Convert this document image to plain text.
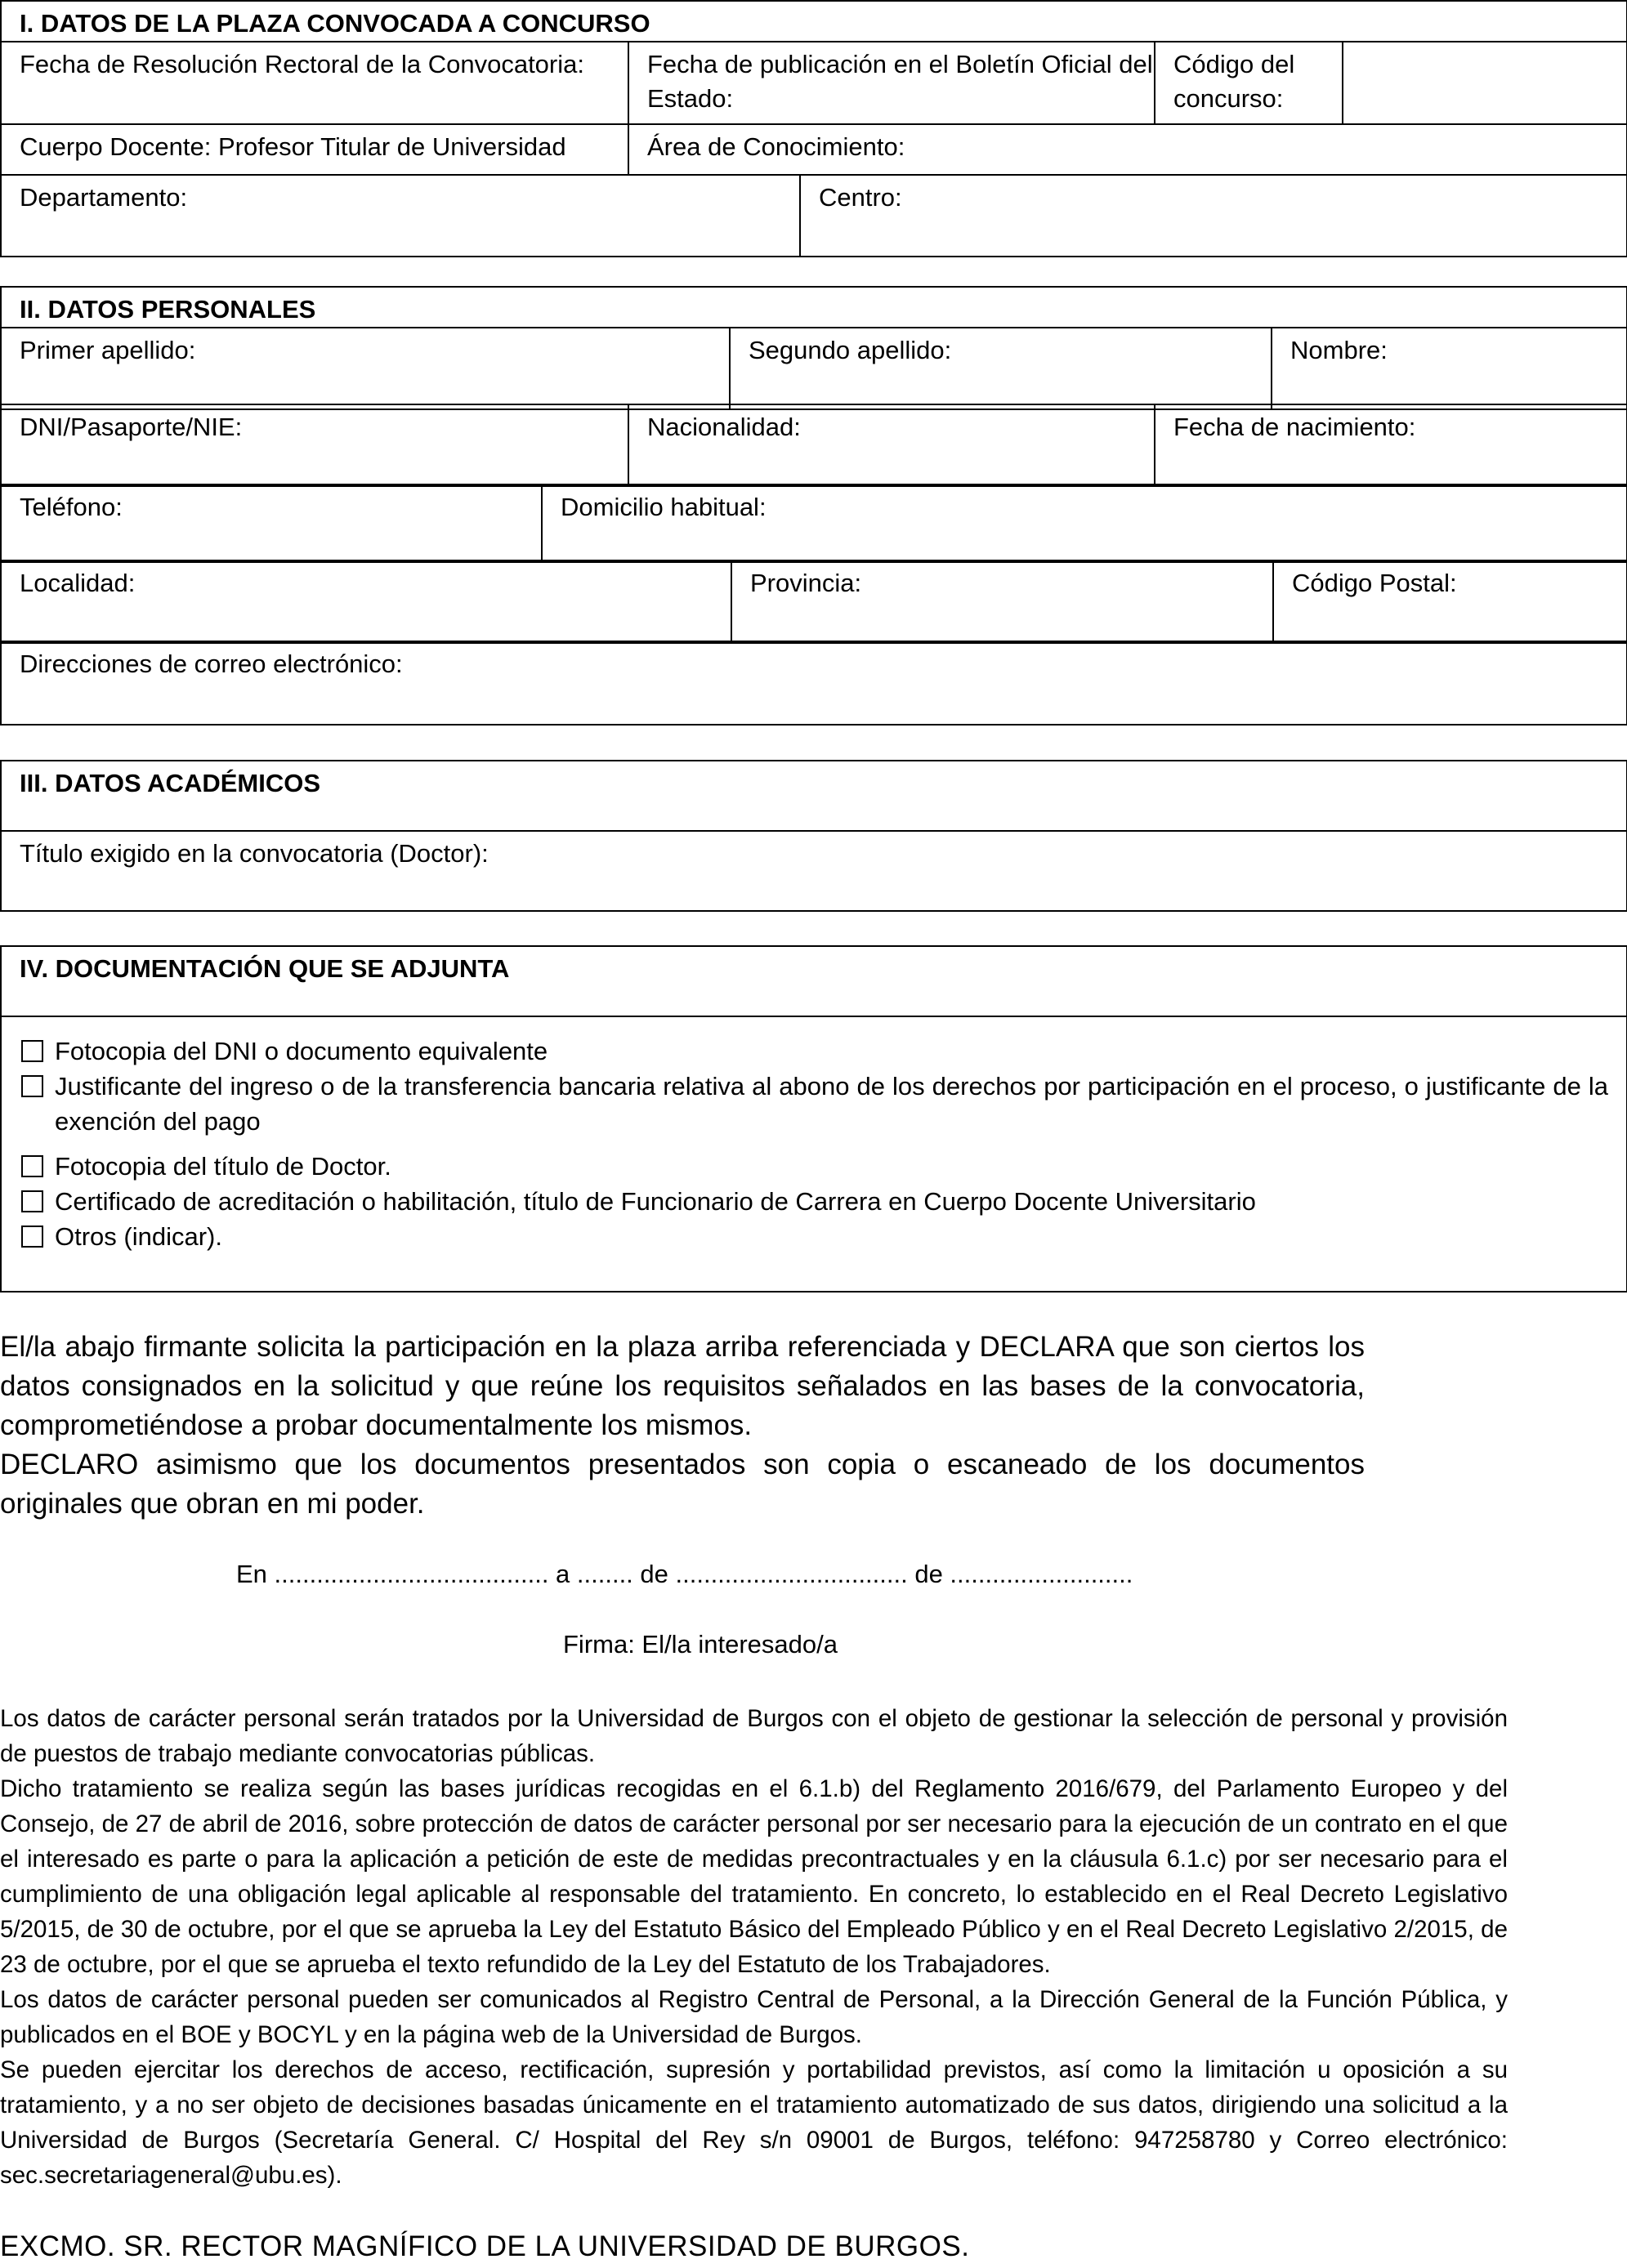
I. DATOS DE LA PLAZA CONVOCADA A CONCURSO				
Fecha de Resolución Rectoral de la Convocatoria:	Fecha de publicación en el Boletín Oficial del Estado:		Código del concurso:	
Cuerpo Docente: Profesor Titular de Universidad	Área de Conocimiento:			
Departamento:		Centro:		
II. DATOS PERSONALES
Primer apellido:	Segundo apellido:	Nombre:
DNI/Pasaporte/NIE:	Nacionalidad:	Fecha de nacimiento:
Teléfono:	Domicilio habitual:
Localidad:	Provincia:	Código Postal:
Direcciones de correo electrónico:
III. DATOS ACADÉMICOS
Título exigido en la convocatoria (Doctor):
IV. DOCUMENTACIÓN QUE SE ADJUNTA

Fotocopia del DNI o documento equivalente
Justificante del ingreso o de la transferencia bancaria relativa al abono de los derechos por participación en el proceso, o justificante de la exención del pago
Fotocopia del título de Doctor.
Certificado de acreditación o habilitación, título de Funcionario de Carrera en Cuerpo Docente Universitario
Otros (indicar).

El/la abajo firmante solicita la participación en la plaza arriba referenciada y DECLARA que son ciertos los datos consignados en la solicitud y que reúne los requisitos señalados en las bases de la convocatoria, comprometiéndose a probar documentalmente los mismos.

DECLARO asimismo que los documentos presentados son copia o escaneado de los documentos originales que obran en mi poder.

En ....................................... a ........ de ................................. de ..........................
Firma: El/la interesado/a

Los datos de carácter personal serán tratados por la Universidad de Burgos con el objeto de gestionar la selección de personal y provisión de puestos de trabajo mediante convocatorias públicas.

Dicho tratamiento se realiza según las bases jurídicas recogidas en el 6.1.b) del Reglamento 2016/679, del Parlamento Europeo y del Consejo, de 27 de abril de 2016, sobre protección de datos de carácter personal por ser necesario para la ejecución de un contrato en el que el interesado es parte o para la aplicación a petición de este de medidas precontractuales y en la cláusula 6.1.c) por ser necesario para el cumplimiento de una obligación legal aplicable al responsable del tratamiento. En concreto, lo establecido en el Real Decreto Legislativo 5/2015, de 30 de octubre, por el que se aprueba la Ley del Estatuto Básico del Empleado Público y en el Real Decreto Legislativo 2/2015, de 23 de octubre, por el que se aprueba el texto refundido de la Ley del Estatuto de los Trabajadores.

Los datos de carácter personal pueden ser comunicados al Registro Central de Personal, a la Dirección General de la Función Pública, y publicados en el BOE y BOCYL y en la página web de la Universidad de Burgos.

Se pueden ejercitar los derechos de acceso, rectificación, supresión y portabilidad previstos, así como la limitación u oposición a su tratamiento, y a no ser objeto de decisiones basadas únicamente en el tratamiento automatizado de sus datos, dirigiendo una solicitud a la Universidad de Burgos (Secretaría General. C/ Hospital del Rey s/n 09001 de Burgos, teléfono: 947258780 y Correo electrónico: sec.secretariageneral@ubu.es).

EXCMO. SR. RECTOR MAGNÍFICO DE LA UNIVERSIDAD DE BURGOS.
